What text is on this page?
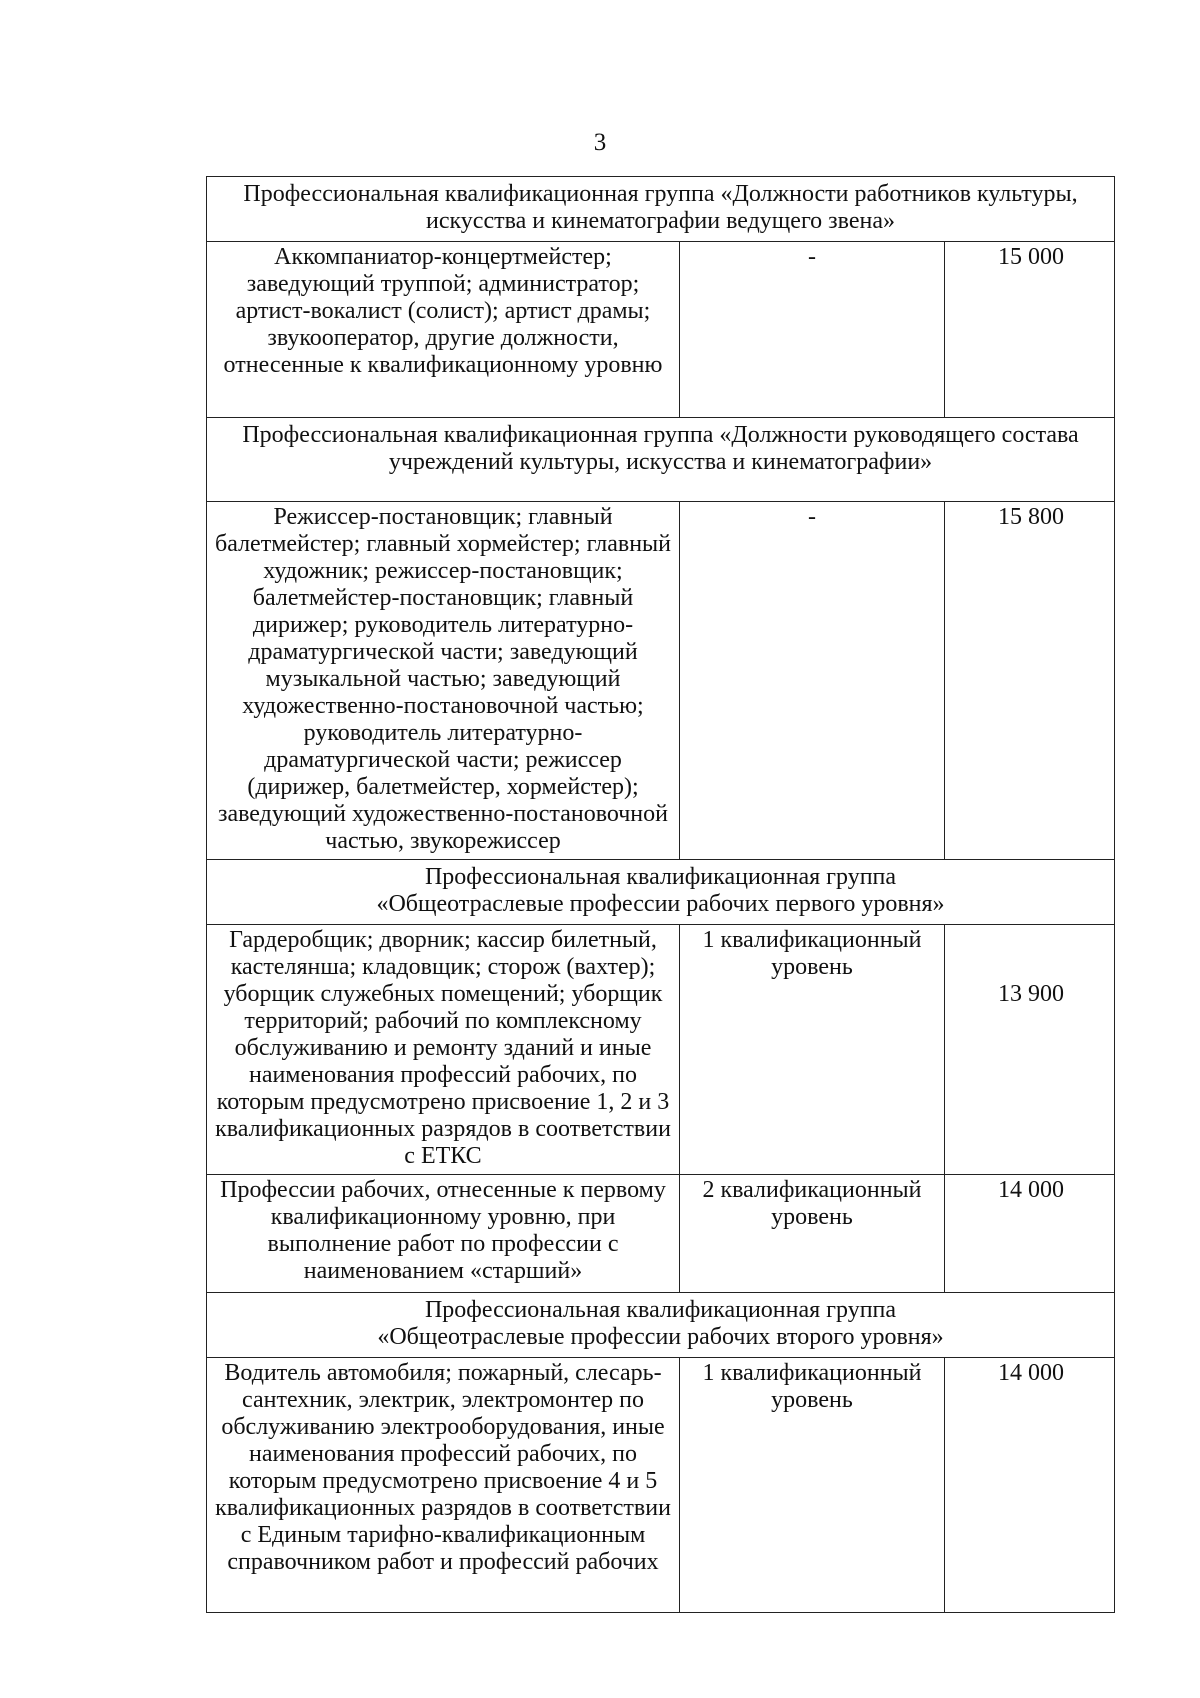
3
Профессиональная квалификационная группа «Должности работников культуры, искусства и кинематографии ведущего звена»		
Аккомпаниатор-концертмейстер; заведующий труппой; администратор; артист-вокалист (солист); артист драмы; звукооператор, другие должности, отнесенные к квалификационному уровню	-	15 000
Профессиональная квалификационная группа «Должности руководящего состава учреждений культуры, искусства и кинематографии»		
Режиссер-постановщик; главный балетмейстер; главный хормейстер; главный художник; режиссер-постановщик; балетмейстер-постановщик; главный дирижер; руководитель литературно-драматургической части; заведующий музыкальной частью; заведующий художественно-постановочной частью; руководитель литературно-драматургической части; режиссер (дирижер, балетмейстер, хормейстер); заведующий художественно-постановочной частью, звукорежиссер	-	15 800
Профессиональная квалификационная группа
«Общеотраслевые профессии рабочих первого уровня»		
Гардеробщик; дворник; кассир билетный, кастелянша; кладовщик; сторож (вахтер); уборщик служебных помещений; уборщик территорий; рабочий по комплексному обслуживанию и ремонту зданий и иные наименования профессий рабочих, по которым предусмотрено присвоение 1, 2 и 3 квалификационных разрядов в соответствии с ЕТКС	1 квалификационный уровень	13 900
Профессии рабочих, отнесенные к первому квалификационному уровню, при выполнение работ по профессии с наименованием «старший»	2 квалификационный уровень	14 000
Профессиональная квалификационная группа
«Общеотраслевые профессии рабочих второго уровня»		
Водитель автомобиля; пожарный, слесарь-сантехник, электрик, электромонтер по обслуживанию электрооборудования, иные наименования профессий рабочих, по которым предусмотрено присвоение 4 и 5 квалификационных разрядов в соответствии с Единым тарифно-квалификационным справочником работ и профессий рабочих	1 квалификационный уровень	14 000
